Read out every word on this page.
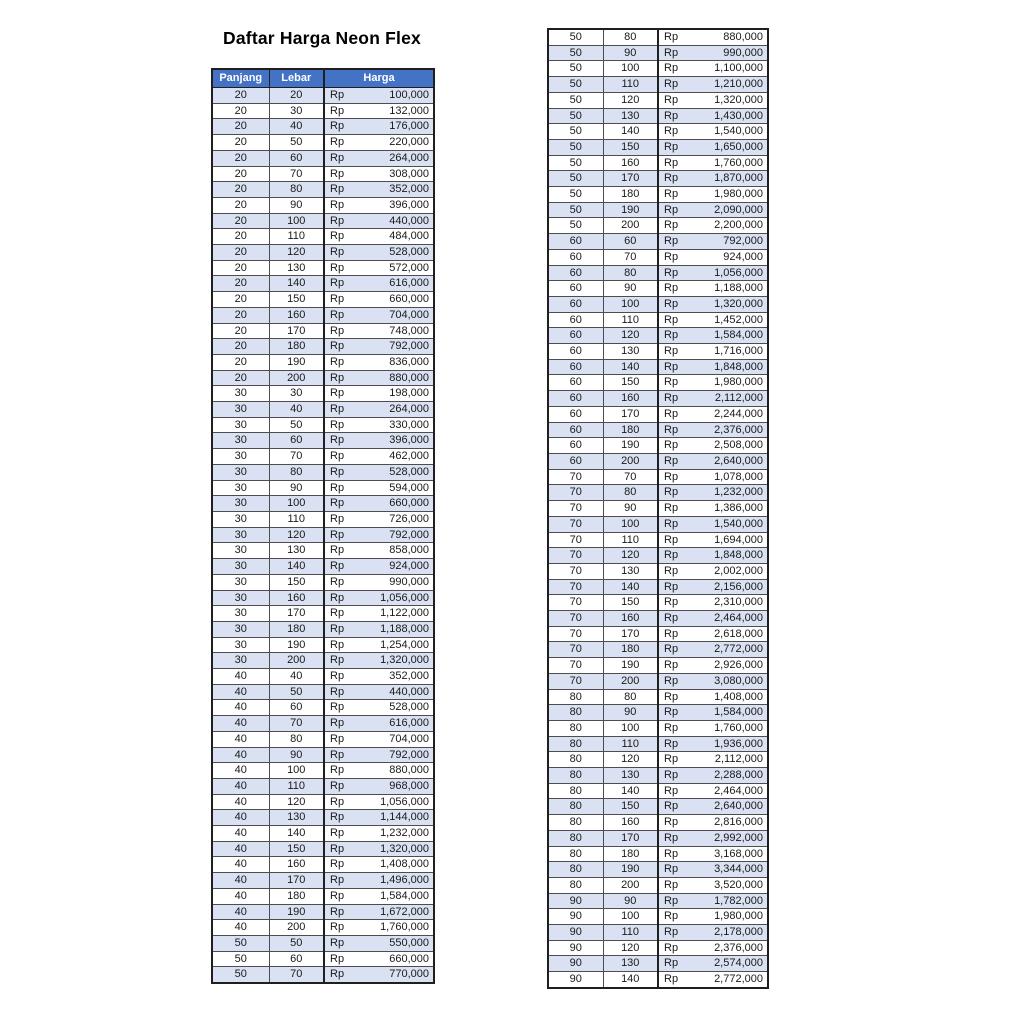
Daftar Harga Neon Flex
Panjang	Lebar	Harga
20	20	Rp 100,000

20	30	Rp 132,000

20	40	Rp 176,000

20	50	Rp 220,000

20	60	Rp 264,000

20	70	Rp 308,000

20	80	Rp 352,000

20	90	Rp 396,000

20	100	Rp 440,000

20	110	Rp 484,000

20	120	Rp 528,000

20	130	Rp 572,000

20	140	Rp 616,000

20	150	Rp 660,000

20	160	Rp 704,000

20	170	Rp 748,000

20	180	Rp 792,000

20	190	Rp 836,000

20	200	Rp 880,000

30	30	Rp 198,000

30	40	Rp 264,000

30	50	Rp 330,000

30	60	Rp 396,000

30	70	Rp 462,000

30	80	Rp 528,000

30	90	Rp 594,000

30	100	Rp 660,000

30	110	Rp 726,000

30	120	Rp 792,000

30	130	Rp 858,000

30	140	Rp 924,000

30	150	Rp 990,000

30	160	Rp 1,056,000

30	170	Rp 1,122,000

30	180	Rp 1,188,000

30	190	Rp 1,254,000

30	200	Rp 1,320,000

40	40	Rp 352,000

40	50	Rp 440,000

40	60	Rp 528,000

40	70	Rp 616,000

40	80	Rp 704,000

40	90	Rp 792,000

40	100	Rp 880,000

40	110	Rp 968,000

40	120	Rp 1,056,000

40	130	Rp 1,144,000

40	140	Rp 1,232,000

40	150	Rp 1,320,000

40	160	Rp 1,408,000

40	170	Rp 1,496,000

40	180	Rp 1,584,000

40	190	Rp 1,672,000

40	200	Rp 1,760,000

50	50	Rp 550,000

50	60	Rp 660,000

50	70	Rp 770,000
50	80	Rp 880,000

50	90	Rp 990,000

50	100	Rp 1,100,000

50	110	Rp 1,210,000

50	120	Rp 1,320,000

50	130	Rp 1,430,000

50	140	Rp 1,540,000

50	150	Rp 1,650,000

50	160	Rp 1,760,000

50	170	Rp 1,870,000

50	180	Rp 1,980,000

50	190	Rp 2,090,000

50	200	Rp 2,200,000

60	60	Rp 792,000

60	70	Rp 924,000

60	80	Rp 1,056,000

60	90	Rp 1,188,000

60	100	Rp 1,320,000

60	110	Rp 1,452,000

60	120	Rp 1,584,000

60	130	Rp 1,716,000

60	140	Rp 1,848,000

60	150	Rp 1,980,000

60	160	Rp 2,112,000

60	170	Rp 2,244,000

60	180	Rp 2,376,000

60	190	Rp 2,508,000

60	200	Rp 2,640,000

70	70	Rp 1,078,000

70	80	Rp 1,232,000

70	90	Rp 1,386,000

70	100	Rp 1,540,000

70	110	Rp 1,694,000

70	120	Rp 1,848,000

70	130	Rp 2,002,000

70	140	Rp 2,156,000

70	150	Rp 2,310,000

70	160	Rp 2,464,000

70	170	Rp 2,618,000

70	180	Rp 2,772,000

70	190	Rp 2,926,000

70	200	Rp 3,080,000

80	80	Rp 1,408,000

80	90	Rp 1,584,000

80	100	Rp 1,760,000

80	110	Rp 1,936,000

80	120	Rp 2,112,000

80	130	Rp 2,288,000

80	140	Rp 2,464,000

80	150	Rp 2,640,000

80	160	Rp 2,816,000

80	170	Rp 2,992,000

80	180	Rp 3,168,000

80	190	Rp 3,344,000

80	200	Rp 3,520,000

90	90	Rp 1,782,000

90	100	Rp 1,980,000

90	110	Rp 2,178,000

90	120	Rp 2,376,000

90	130	Rp 2,574,000

90	140	Rp 2,772,000
